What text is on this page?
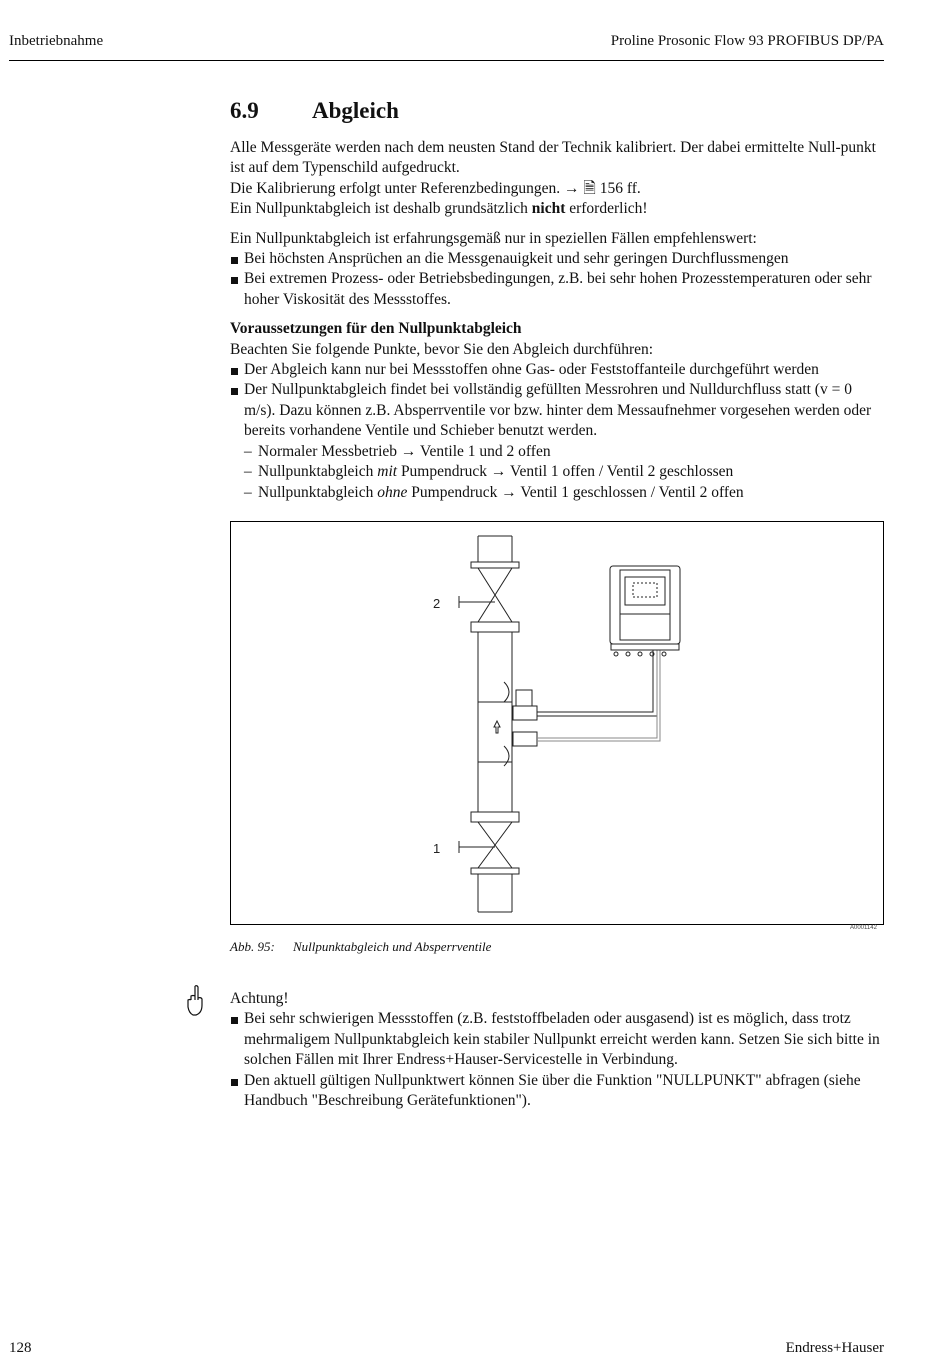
Inbetriebnahme	Proline Prosonic Flow 93 PROFIBUS DP/PA
6.9 Abgleich

Alle Messgeräte werden nach dem neusten Stand der Technik kalibriert. Der dabei ermittelte Null-punkt ist auf dem Typenschild aufgedruckt.

Die Kalibrierung erfolgt unter Referenzbedingungen. → 🗎 156 ff.

Ein Nullpunktabgleich ist deshalb grundsätzlich nicht erforderlich!

Ein Nullpunktabgleich ist erfahrungsgemäß nur in speziellen Fällen empfehlenswert:

Bei höchsten Ansprüchen an die Messgenauigkeit und sehr geringen Durchflussmengen
Bei extremen Prozess- oder Betriebsbedingungen, z.B. bei sehr hohen Prozesstemperaturen oder sehr hoher Viskosität des Messstoffes.

Voraussetzungen für den Nullpunktabgleich

Beachten Sie folgende Punkte, bevor Sie den Abgleich durchführen:

Der Abgleich kann nur bei Messstoffen ohne Gas- oder Feststoffanteile durchgeführt werden
Der Nullpunktabgleich findet bei vollständig gefüllten Messrohren und Nulldurchfluss statt (v = 0 m/s). Dazu können z.B. Absperrventile vor bzw. hinter dem Messaufnehmer vorgesehen werden oder bereits vorhandene Ventile und Schieber benutzt werden.
– Normaler Messbetrieb → Ventile 1 und 2 offen
– Nullpunktabgleich mit Pumpendruck → Ventil 1 offen / Ventil 2 geschlossen
– Nullpunktabgleich ohne Pumpendruck → Ventil 1 geschlossen / Ventil 2 offen
2
1
A0001142
Abb. 95: Nullpunktabgleich und Absperrventile

Achtung!

Bei sehr schwierigen Messstoffen (z.B. feststoffbeladen oder ausgasend) ist es möglich, dass trotz mehrmaligem Nullpunktabgleich kein stabiler Nullpunkt erreicht werden kann. Setzen Sie sich bitte in solchen Fällen mit Ihrer Endress+Hauser-Servicestelle in Verbindung.
Den aktuell gültigen Nullpunktwert können Sie über die Funktion "NULLPUNKT" abfragen (siehe Handbuch "Beschreibung Gerätefunktionen").
128	Endress+Hauser
